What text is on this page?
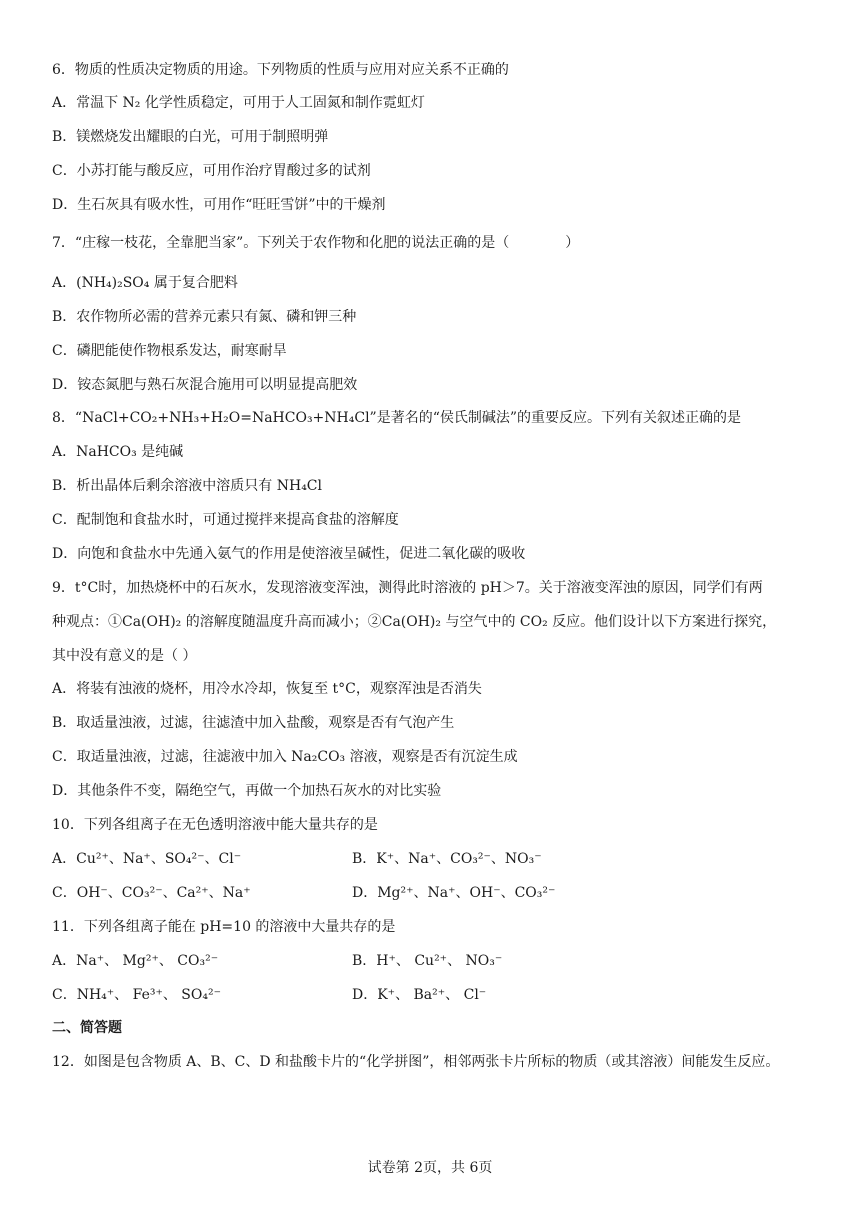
6．物质的性质决定物质的用途。下列物质的性质与应用对应关系不正确的
A．常温下 N₂ 化学性质稳定，可用于人工固氮和制作霓虹灯
B．镁燃烧发出耀眼的白光，可用于制照明弹
C．小苏打能与酸反应，可用作治疗胃酸过多的试剂
D．生石灰具有吸水性，可用作“旺旺雪饼”中的干燥剂
7．“庄稼一枝花，全靠肥当家”。下列关于农作物和化肥的说法正确的是（　　　　）
A．(NH₄)₂SO₄ 属于复合肥料
B．农作物所必需的营养元素只有氮、磷和钾三种
C．磷肥能使作物根系发达，耐寒耐旱
D．铵态氮肥与熟石灰混合施用可以明显提高肥效
8．“NaCl+CO₂+NH₃+H₂O=NaHCO₃+NH₄Cl”是著名的“侯氏制碱法”的重要反应。下列有关叙述正确的是
A．NaHCO₃ 是纯碱
B．析出晶体后剩余溶液中溶质只有 NH₄Cl
C．配制饱和食盐水时，可通过搅拌来提高食盐的溶解度
D．向饱和食盐水中先通入氨气的作用是使溶液呈碱性，促进二氧化碳的吸收
9．t°C时，加热烧杯中的石灰水，发现溶液变浑浊，测得此时溶液的 pH＞7。关于溶液变浑浊的原因，同学们有两
种观点：①Ca(OH)₂ 的溶解度随温度升高而减小；②Ca(OH)₂ 与空气中的 CO₂ 反应。他们设计以下方案进行探究，
其中没有意义的是（ ）
A．将装有浊液的烧杯，用冷水冷却，恢复至 t°C，观察浑浊是否消失
B．取适量浊液，过滤，往滤渣中加入盐酸，观察是否有气泡产生
C．取适量浊液，过滤，往滤液中加入 Na₂CO₃ 溶液，观察是否有沉淀生成
D．其他条件不变，隔绝空气，再做一个加热石灰水的对比实验
10．下列各组离子在无色透明溶液中能大量共存的是
A．Cu²⁺、Na⁺、SO₄²⁻、Cl⁻	B．K⁺、Na⁺、CO₃²⁻、NO₃⁻
C．OH⁻、CO₃²⁻、Ca²⁺、Na⁺	D．Mg²⁺、Na⁺、OH⁻、CO₃²⁻
11．下列各组离子能在 pH=10 的溶液中大量共存的是
A．Na⁺、 Mg²⁺、 CO₃²⁻	B．H⁺、 Cu²⁺、 NO₃⁻
C．NH₄⁺、 Fe³⁺、 SO₄²⁻	D．K⁺、 Ba²⁺、 Cl⁻
二、简答题
12．如图是包含物质 A、B、C、D 和盐酸卡片的“化学拼图”，相邻两张卡片所标的物质（或其溶液）间能发生反应。
试卷第 2页，共 6页
